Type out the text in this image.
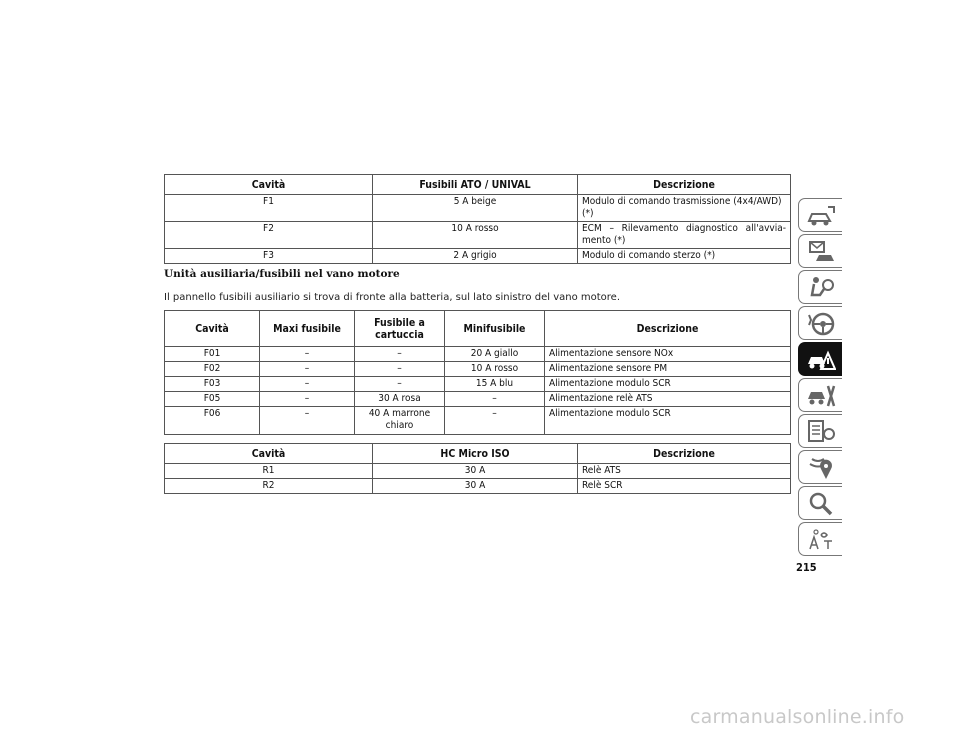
Cavità	Fusibili ATO / UNIVAL	Descrizione
F1	5 A beige	Modulo di comando trasmissione (4x4/AWD) (*)
F2	10 A rosso	ECM – Rilevamento diagnostico all'avvia-mento (*)
F3	2 A grigio	Modulo di comando sterzo (*)
Unità ausiliaria/fusibili nel vano motore
Il pannello fusibili ausiliario si trova di fronte alla batteria, sul lato sinistro del vano motore.
Cavità	Maxi fusibile	Fusibile a cartuccia	Minifusibile	Descrizione
F01	–	–	20 A giallo	Alimentazione sensore NOx
F02	–	–	10 A rosso	Alimentazione sensore PM
F03	–	–	15 A blu	Alimentazione modulo SCR
F05	–	30 A rosa	–	Alimentazione relè ATS
F06	–	40 A marrone chiaro	–	Alimentazione modulo SCR
Cavità	HC Micro ISO	Descrizione
R1	30 A	Relè ATS
R2	30 A	Relè SCR
215
carmanualsonline.info
